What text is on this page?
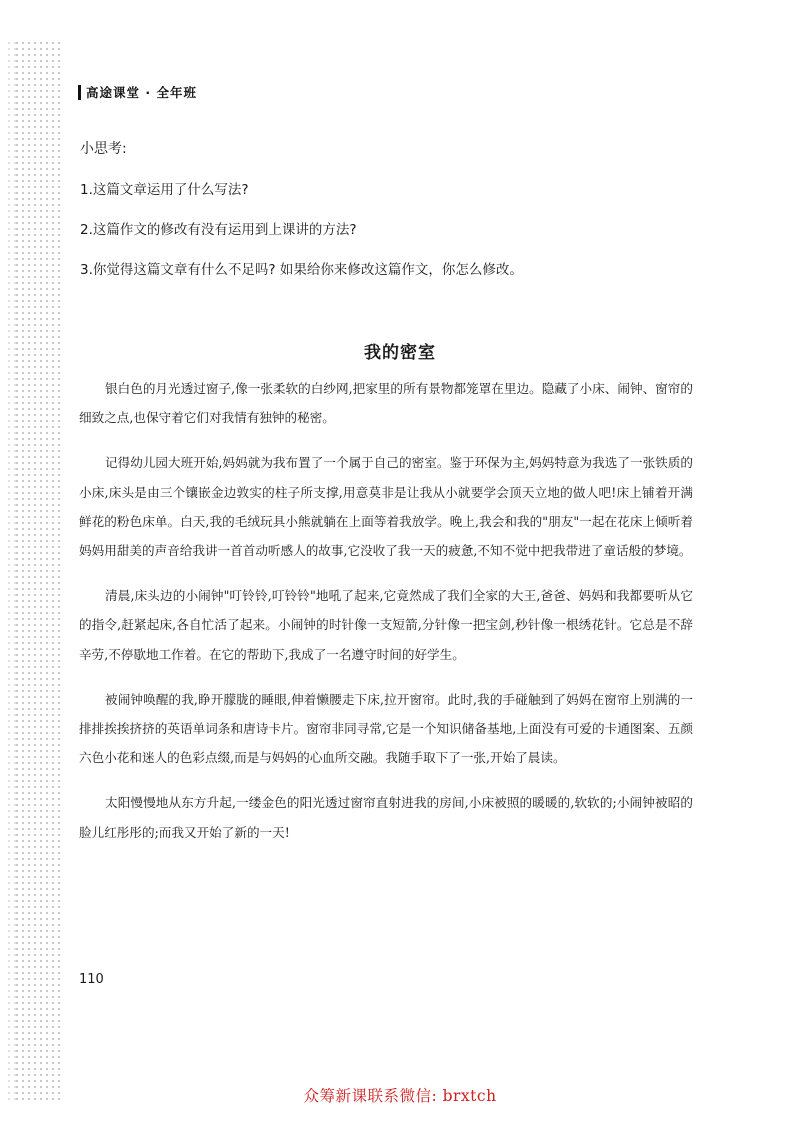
高途课堂 · 全年班
小思考:
1.这篇文章运用了什么写法?
2.这篇作文的修改有没有运用到上课讲的方法?
3.你觉得这篇文章有什么不足吗? 如果给你来修改这篇作文，你怎么修改。
我的密室

银白色的月光透过窗子,像一张柔软的白纱网,把家里的所有景物都笼罩在里边。隐藏了小床、闹钟、窗帘的细致之点,也保守着它们对我情有独钟的秘密。

记得幼儿园大班开始,妈妈就为我布置了一个属于自己的密室。鉴于环保为主,妈妈特意为我选了一张铁质的小床,床头是由三个镶嵌金边敦实的柱子所支撑,用意莫非是让我从小就要学会顶天立地的做人吧!床上铺着开满鲜花的粉色床单。白天,我的毛绒玩具小熊就躺在上面等着我放学。晚上,我会和我的"朋友"一起在花床上倾听着妈妈用甜美的声音给我讲一首首动听感人的故事,它没收了我一天的疲惫,不知不觉中把我带进了童话般的梦境。

清晨,床头边的小闹钟"叮铃铃,叮铃铃"地吼了起来,它竟然成了我们全家的大王,爸爸、妈妈和我都要听从它的指令,赶紧起床,各自忙活了起来。小闹钟的时针像一支短箭,分针像一把宝剑,秒针像一根绣花针。它总是不辞辛劳,不停歇地工作着。在它的帮助下,我成了一名遵守时间的好学生。

被闹钟唤醒的我,睁开朦胧的睡眼,伸着懒腰走下床,拉开窗帘。此时,我的手碰触到了妈妈在窗帘上别满的一排排挨挨挤挤的英语单词条和唐诗卡片。窗帘非同寻常,它是一个知识储备基地,上面没有可爱的卡通图案、五颜六色小花和迷人的色彩点缀,而是与妈妈的心血所交融。我随手取下了一张,开始了晨读。

太阳慢慢地从东方升起,一缕金色的阳光透过窗帘直射进我的房间,小床被照的暖暖的,软软的;小闹钟被昭的脸儿红彤彤的;而我又开始了新的一天!

110
众筹新课联系微信: brxtch
